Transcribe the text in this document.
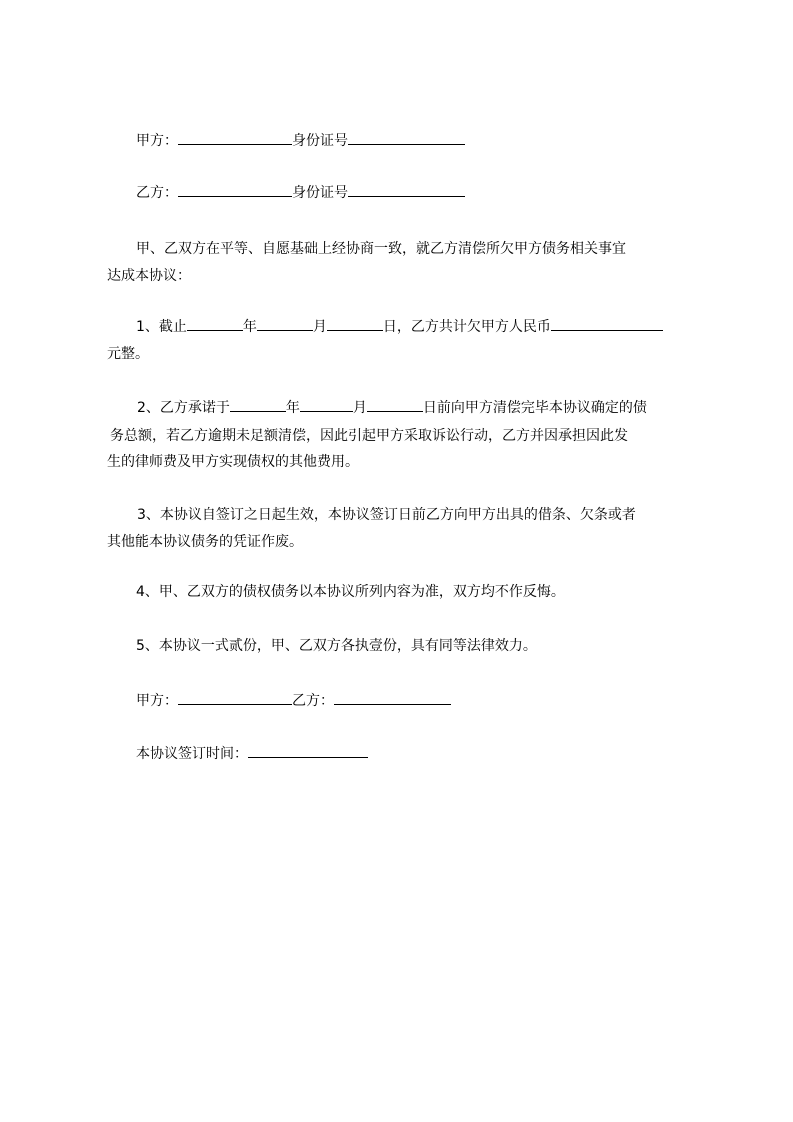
甲方：	身份证号
乙方：	身份证号
甲、乙双方在平等、自愿基础上经协商一致，就乙方清偿所欠甲方债务相关事宜
达成本协议：
1、截止	年	月	日，乙方共计欠甲方人民币
元整。
2、乙方承诺于	年	月	日前向甲方清偿完毕本协议确定的债
务总额，若乙方逾期未足额清偿，因此引起甲方采取诉讼行动，乙方并因承担因此发
生的律师费及甲方实现债权的其他费用。
3、本协议自签订之日起生效，本协议签订日前乙方向甲方出具的借条、欠条或者
其他能本协议债务的凭证作废。
4、甲、乙双方的债权债务以本协议所列内容为准，双方均不作反悔。
5、本协议一式贰份，甲、乙双方各执壹份，具有同等法律效力。
甲方：	乙方：
本协议签订时间：
